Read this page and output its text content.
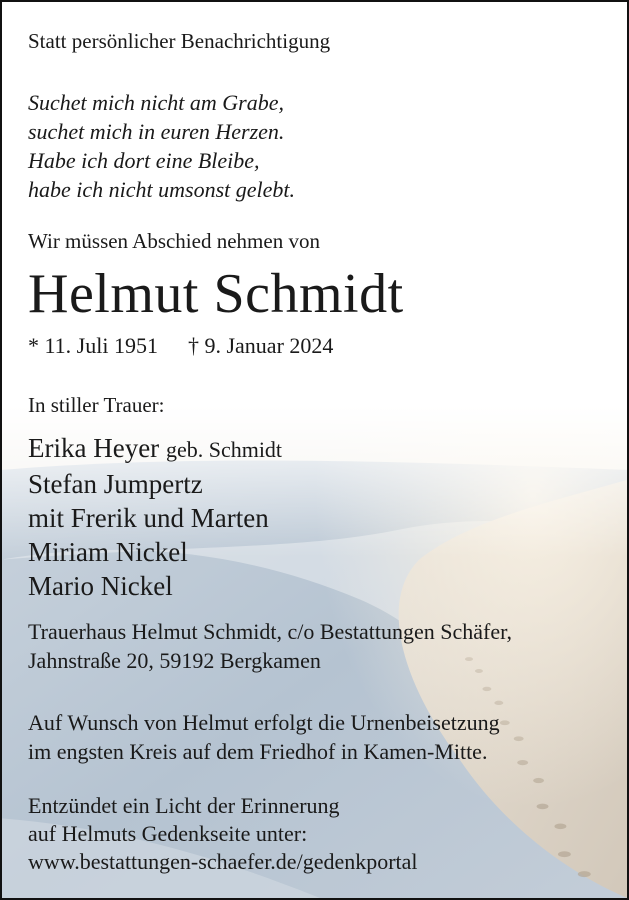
Statt persönlicher Benachrichtigung
Suchet mich nicht am Grabe,
suchet mich in euren Herzen.
Habe ich dort eine Bleibe,
habe ich nicht umsonst gelebt.
Wir müssen Abschied nehmen von
Helmut Schmidt
* 11. Juli 1951 † 9. Januar 2024
In stiller Trauer:
Erika Heyer geb. Schmidt
Stefan Jumpertz
mit Frerik und Marten
Miriam Nickel
Mario Nickel
Trauerhaus Helmut Schmidt, c/o Bestattungen Schäfer,
Jahnstraße 20, 59192 Bergkamen
Auf Wunsch von Helmut erfolgt die Urnenbeisetzung
im engsten Kreis auf dem Friedhof in Kamen-Mitte.
Entzündet ein Licht der Erinnerung
auf Helmuts Gedenkseite unter:
www.bestattungen-schaefer.de/gedenkportal
